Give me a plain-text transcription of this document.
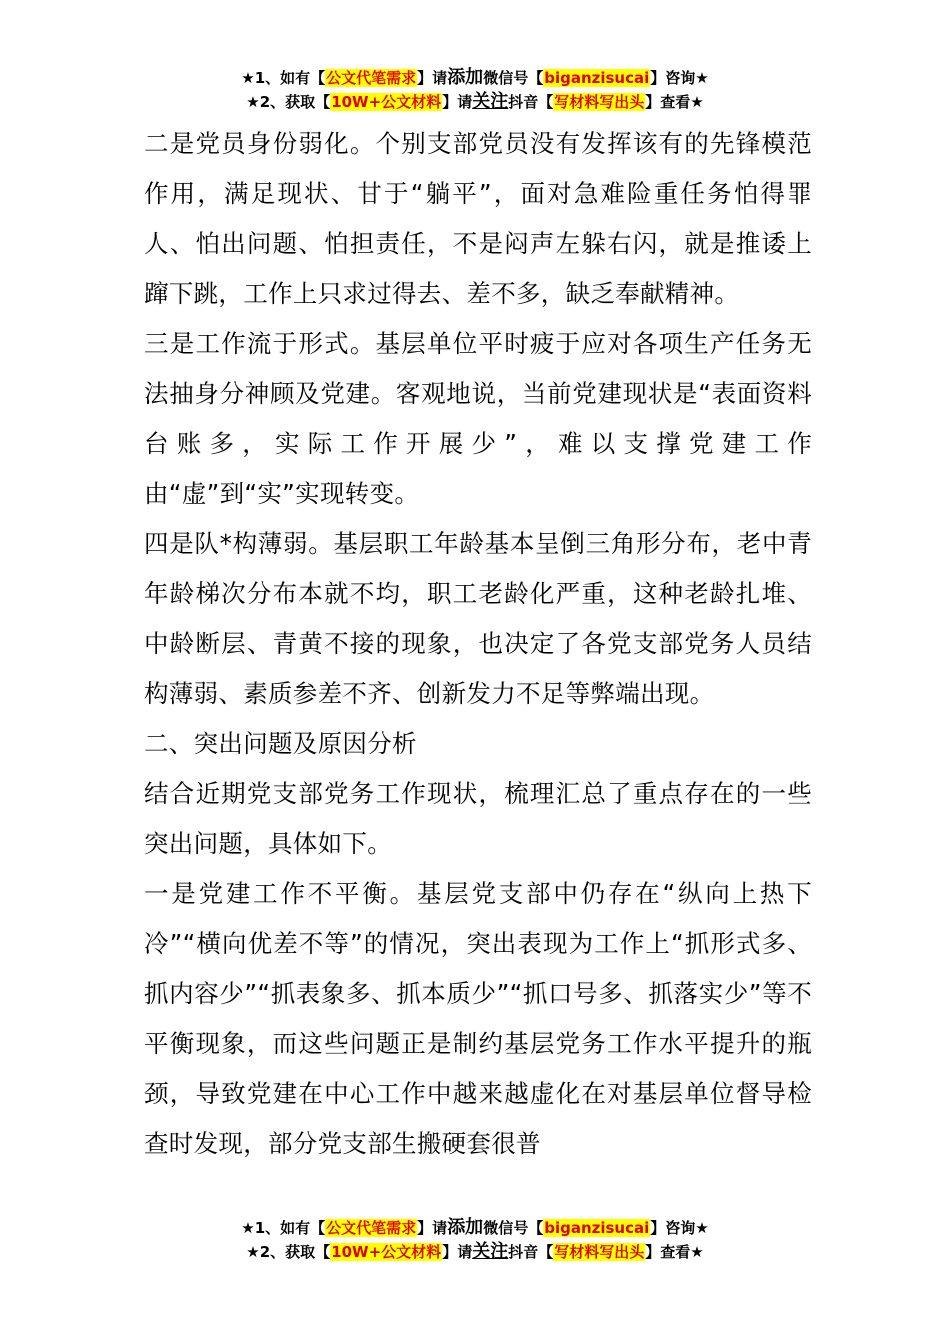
★1、如有【公文代笔需求】请添加微信号【biganzisucai】咨询★
★2、获取【10W+公文材料】请关注抖音【写材料写出头】查看★

二是党员身份弱化。个别支部党员没有发挥该有的先锋模范作用，满足现状、甘于“躺平”，面对急难险重任务怕得罪人、怕出问题、怕担责任，不是闷声左躲右闪，就是推诿上蹿下跳，工作上只求过得去、差不多，缺乏奉献精神。

三是工作流于形式。基层单位平时疲于应对各项生产任务无法抽身分神顾及党建。客观地说，当前党建现状是“表面资料台账多，实际工作开展少”，难以支撑党建工作由“虚”到“实”实现转变。

四是队*构薄弱。基层职工年龄基本呈倒三角形分布，老中青年龄梯次分布本就不均，职工老龄化严重，这种老龄扎堆、中龄断层、青黄不接的现象，也决定了各党支部党务人员结构薄弱、素质参差不齐、创新发力不足等弊端出现。

二、突出问题及原因分析

结合近期党支部党务工作现状，梳理汇总了重点存在的一些突出问题，具体如下。

一是党建工作不平衡。基层党支部中仍存在“纵向上热下冷”“横向优差不等”的情况，突出表现为工作上“抓形式多、抓内容少”“抓表象多、抓本质少”“抓口号多、抓落实少”等不平衡现象，而这些问题正是制约基层党务工作水平提升的瓶颈，导致党建在中心工作中越来越虚化在对基层单位督导检查时发现，部分党支部生搬硬套很普

★1、如有【公文代笔需求】请添加微信号【biganzisucai】咨询★
★2、获取【10W+公文材料】请关注抖音【写材料写出头】查看★
